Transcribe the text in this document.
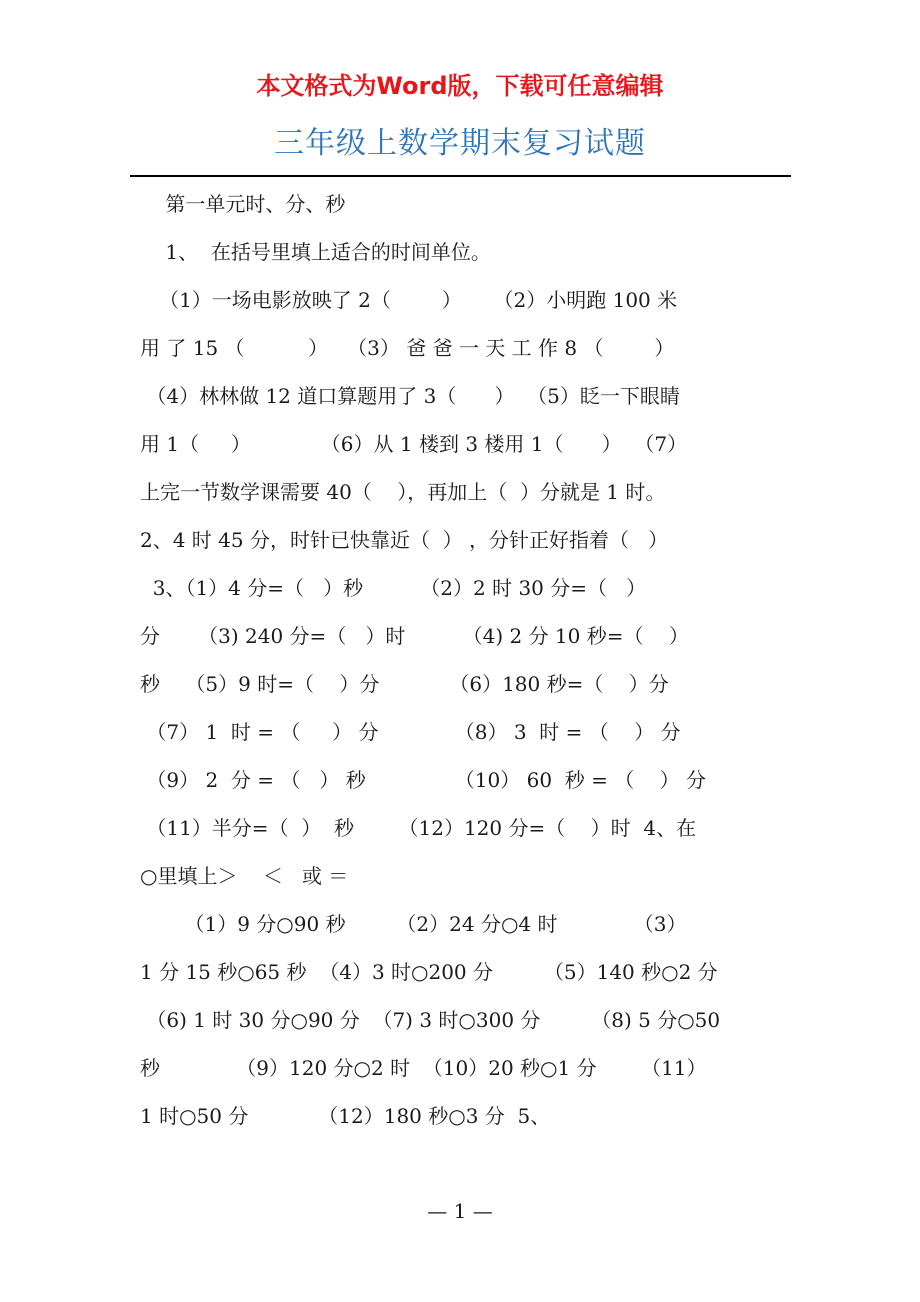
本文格式为Word版，下载可任意编辑
三年级上数学期末复习试题
第一单元时、分、秒
1、  在括号里填上适合的时间单位。
（1）一场电影放映了 2（        ）     （2）小明跑 100 米
用 了 15 （          ）   （3） 爸 爸 一 天 工 作 8 （        ）
（4）林林做 12 道口算题用了 3（      ）  （5）眨一下眼睛
用 1（     ）           （6）从 1 楼到 3 楼用 1（      ）  （7）
上完一节数学课需要 40（    ），再加上（  ）分就是 1 时。
2、4 时 45 分，时针已快靠近（  ） ，分针正好指着（   ）
3、（1）4 分=（   ）秒         （2）2 时 30 分=（   ）
分      （3) 240 分=（   ）时         （4) 2 分 10 秒=（    ）
秒    （5）9 时=（    ）分           （6）180 秒=（    ）分
（7） 1  时 = （     ） 分            （8） 3  时 = （    ） 分
（9） 2  分 = （   ） 秒              （10） 60  秒 = （    ） 分
（11）半分=（  ）  秒       （12）120 分=（    ）时  4、在
○里填上＞    ＜   或 ＝
（1）9 分○90 秒        （2）24 分○4 时            （3）
1 分 15 秒○65 秒  （4）3 时○200 分        （5）140 秒○2 分
（6) 1 时 30 分○90 分  （7) 3 时○300 分        （8) 5 分○50
秒            （9）120 分○2 时  （10）20 秒○1 分       （11）
1 时○50 分           （12）180 秒○3 分  5、
— 1 —
